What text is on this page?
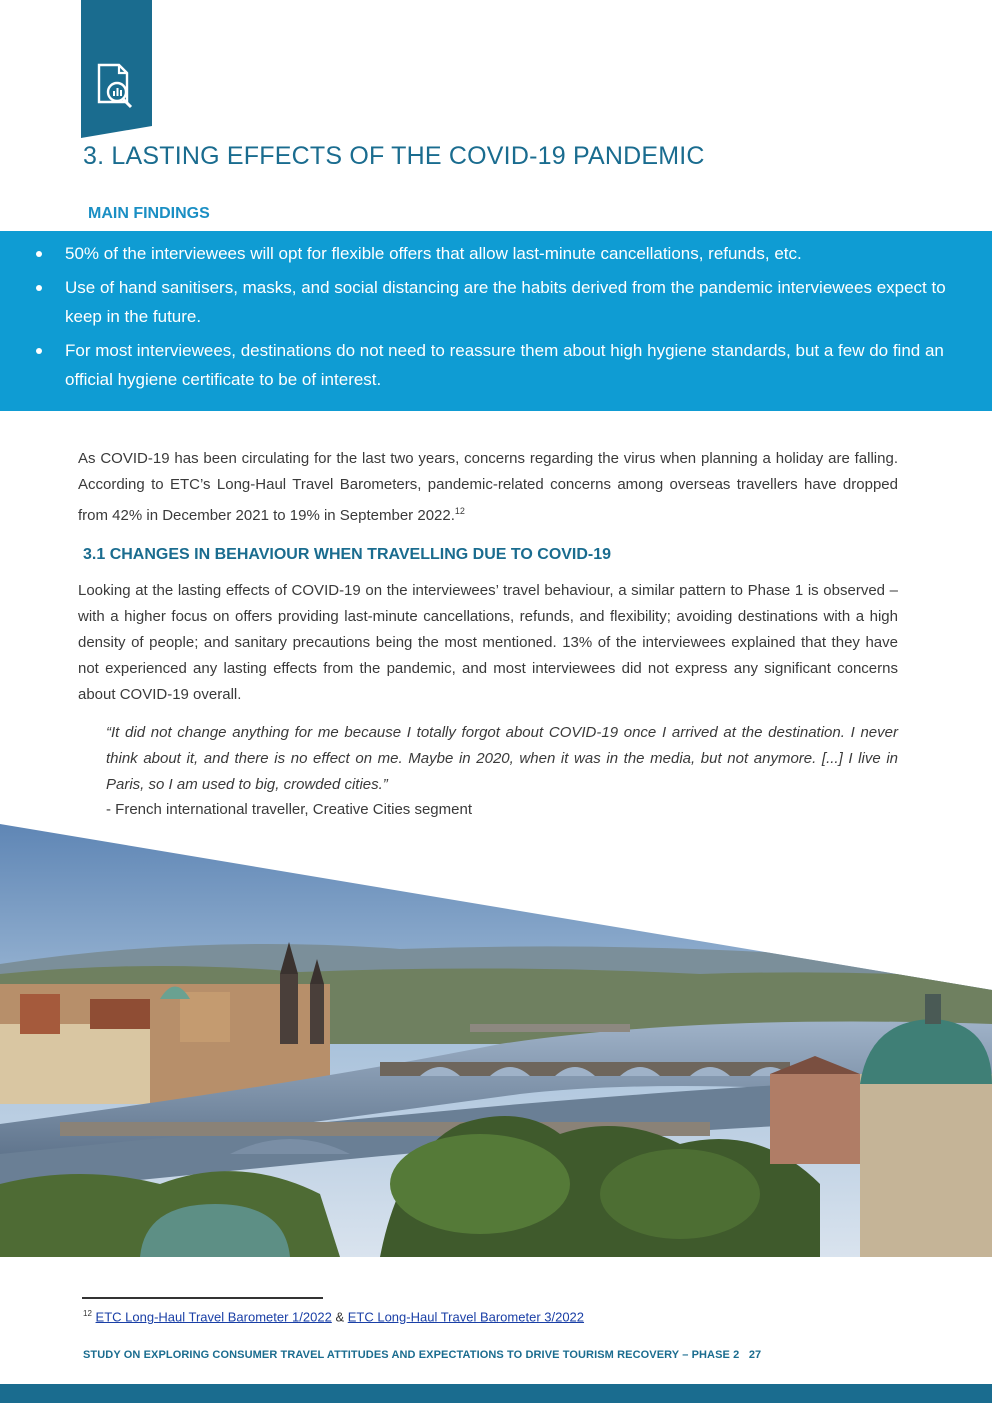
3. LASTING EFFECTS OF THE COVID-19 PANDEMIC
MAIN FINDINGS
50% of the interviewees will opt for flexible offers that allow last-minute cancellations, refunds, etc.
Use of hand sanitisers, masks, and social distancing are the habits derived from the pandemic interviewees expect to keep in the future.
For most interviewees, destinations do not need to reassure them about high hygiene standards, but a few do find an official hygiene certificate to be of interest.
As COVID-19 has been circulating for the last two years, concerns regarding the virus when planning a holiday are falling. According to ETC’s Long-Haul Travel Barometers, pandemic-related concerns among overseas travellers have dropped from 42% in December 2021 to 19% in September 2022.12
3.1 CHANGES IN BEHAVIOUR WHEN TRAVELLING DUE TO COVID-19
Looking at the lasting effects of COVID-19 on the interviewees’ travel behaviour, a similar pattern to Phase 1 is observed – with a higher focus on offers providing last-minute cancellations, refunds, and flexibility; avoiding destinations with a high density of people; and sanitary precautions being the most mentioned. 13% of the interviewees explained that they have not experienced any lasting effects from the pandemic, and most interviewees did not express any significant concerns about COVID-19 overall.
“It did not change anything for me because I totally forgot about COVID-19 once I arrived at the destination. I never think about it, and there is no effect on me. Maybe in 2020, when it was in the media, but not anymore. [...] I live in Paris, so I am used to big, crowded cities.”
- French international traveller, Creative Cities segment
$^{12}$ ETC Long-Haul Travel Barometer 1/2022 & ETC Long-Haul Travel Barometer 3/2022
STUDY ON EXPLORING CONSUMER TRAVEL ATTITUDES AND EXPECTATIONS TO DRIVE TOURISM RECOVERY – PHASE 2 27
